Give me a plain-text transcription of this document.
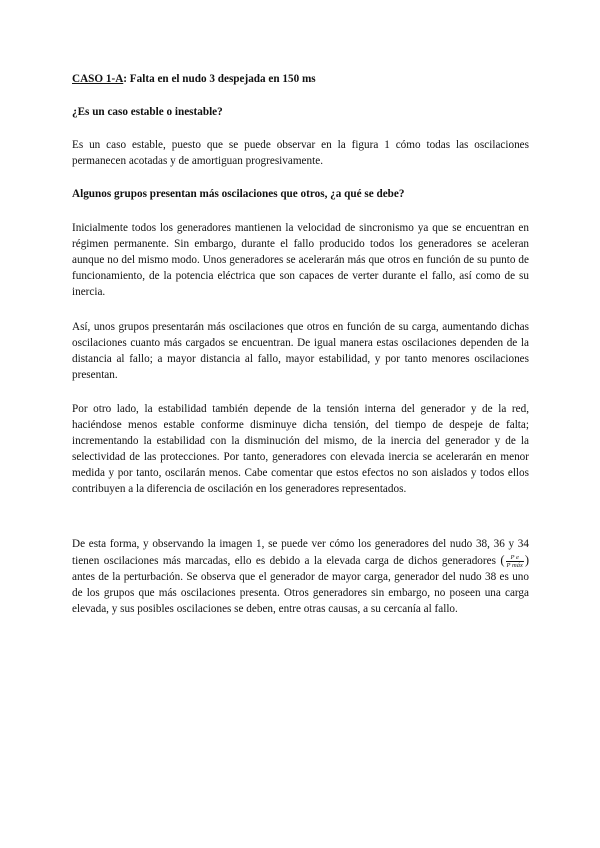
CASO 1-A: Falta en el nudo 3 despejada en 150 ms

¿Es un caso estable o inestable?

Es un caso estable, puesto que se puede observar en la figura 1 cómo todas las oscilaciones permanecen acotadas y de amortiguan progresivamente.

Algunos grupos presentan más oscilaciones que otros, ¿a qué se debe?

Inicialmente todos los generadores mantienen la velocidad de sincronismo ya que se encuentran en régimen permanente. Sin embargo, durante el fallo producido todos los generadores se aceleran aunque no del mismo modo. Unos generadores se acelerarán más que otros en función de su punto de funcionamiento, de la potencia eléctrica que son capaces de verter durante el fallo, así como de su inercia.

Así, unos grupos presentarán más oscilaciones que otros en función de su carga, aumentando dichas oscilaciones cuanto más cargados se encuentran. De igual manera estas oscilaciones dependen de la distancia al fallo; a mayor distancia al fallo, mayor estabilidad, y por tanto menores oscilaciones presentan.

Por otro lado, la estabilidad también depende de la tensión interna del generador y de la red, haciéndose menos estable conforme disminuye dicha tensión, del tiempo de despeje de falta; incrementando la estabilidad con la disminución del mismo, de la inercia del generador y de la selectividad de las protecciones. Por tanto, generadores con elevada inercia se acelerarán en menor medida y por tanto, oscilarán menos. Cabe comentar que estos efectos no son aislados y todos ellos contribuyen a la diferencia de oscilación en los generadores representados.

De esta forma, y observando la imagen 1, se puede ver cómo los generadores del nudo 38, 36 y 34 tienen oscilaciones más marcadas, ello es debido a la elevada carga de dichos generadores ( $\frac{\text{P e}}{\text{P máx}}$ ) antes de la perturbación. Se observa que el generador de mayor carga, generador del nudo 38 es uno de los grupos que más oscilaciones presenta. Otros generadores sin embargo, no poseen una carga elevada, y sus posibles oscilaciones se deben, entre otras causas, a su cercanía al fallo.
